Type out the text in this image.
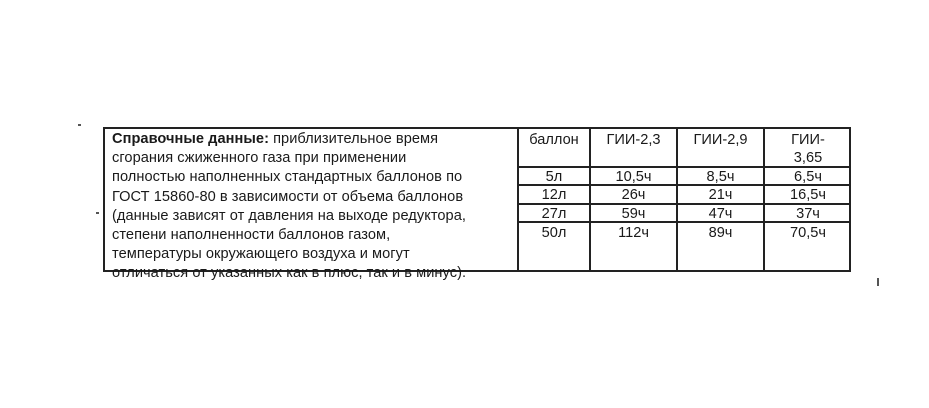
Справочные данные: приблизительное время
сгорания сжиженного газа при применении
полностью наполненных стандартных баллонов по
ГОСТ 15860-80 в зависимости от объема баллонов
(данные зависят от давления на выходе редуктора,
степени наполненности баллонов газом,
температуры окружающего воздуха и могут
отличаться от указанных как в плюс, так и в минус).
баллон	ГИИ-2,3	ГИИ-2,9	ГИИ-
3,65
5л	10,5ч	8,5ч	6,5ч
12л	26ч	21ч	16,5ч
27л	59ч	47ч	37ч
50л	112ч	89ч	70,5ч
